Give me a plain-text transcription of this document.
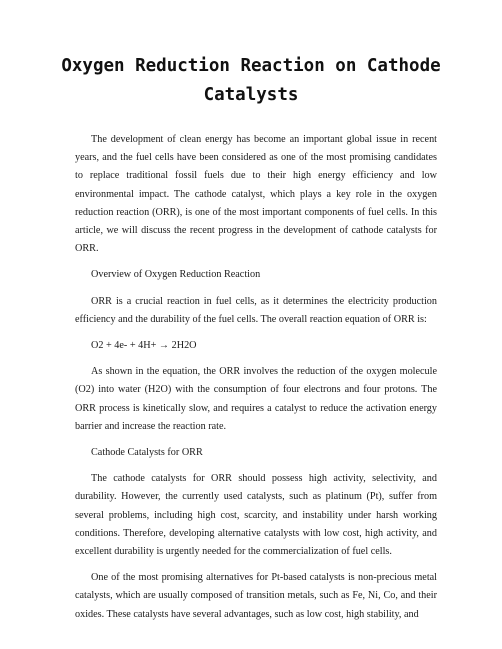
Oxygen Reduction Reaction on Cathode Catalysts

The development of clean energy has become an important global issue in recent years, and the fuel cells have been considered as one of the most promising candidates to replace traditional fossil fuels due to their high energy efficiency and low environmental impact. The cathode catalyst, which plays a key role in the oxygen reduction reaction (ORR), is one of the most important components of fuel cells. In this article, we will discuss the recent progress in the development of cathode catalysts for ORR.

Overview of Oxygen Reduction Reaction

ORR is a crucial reaction in fuel cells, as it determines the electricity production efficiency and the durability of the fuel cells. The overall reaction equation of ORR is:

O2 + 4e- + 4H+ → 2H2O

As shown in the equation, the ORR involves the reduction of the oxygen molecule (O2) into water (H2O) with the consumption of four electrons and four protons. The ORR process is kinetically slow, and requires a catalyst to reduce the activation energy barrier and increase the reaction rate.

Cathode Catalysts for ORR

The cathode catalysts for ORR should possess high activity, selectivity, and durability. However, the currently used catalysts, such as platinum (Pt), suffer from several problems, including high cost, scarcity, and instability under harsh working conditions. Therefore, developing alternative catalysts with low cost, high activity, and excellent durability is urgently needed for the commercialization of fuel cells.

One of the most promising alternatives for Pt-based catalysts is non-precious metal catalysts, which are usually composed of transition metals, such as Fe, Ni, Co, and their oxides. These catalysts have several advantages, such as low cost, high stability, and
